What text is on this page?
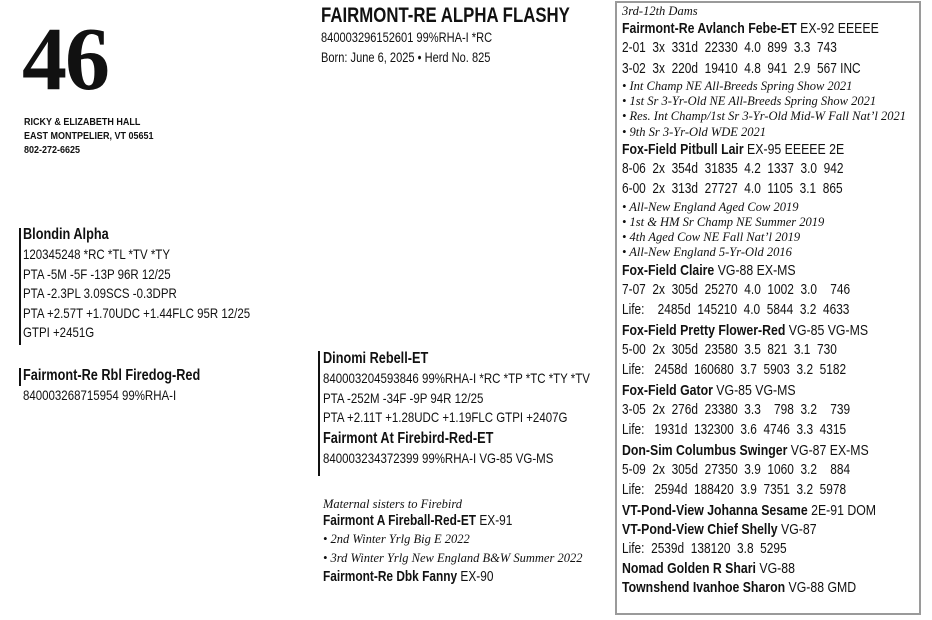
46
RICKY & ELIZABETH HALL
EAST MONTPELIER, VT 05651
802-272-6625
FAIRMONT-RE ALPHA FLASHY
840003296152601 99%RHA-I *RC
Born: June 6, 2025 • Herd No. 825
Blondin Alpha
120345248 *RC *TL *TV *TY
PTA -5M -5F -13P 96R 12/25
PTA -2.3PL 3.09SCS -0.3DPR
PTA +2.57T +1.70UDC +1.44FLC 95R 12/25
GTPI +2451G
Fairmont-Re Rbl Firedog-Red
840003268715954 99%RHA-I
Dinomi Rebell-ET
840003204593846 99%RHA-I *RC *TP *TC *TY *TV
PTA -252M -34F -9P 94R 12/25
PTA +2.11T +1.28UDC +1.19FLC GTPI +2407G
Fairmont At Firebird-Red-ET
840003234372399 99%RHA-I VG-85 VG-MS
Maternal sisters to Firebird
Fairmont A Fireball-Red-ET EX-91
• 2nd Winter Yrlg Big E 2022
• 3rd Winter Yrlg New England B&W Summer 2022
Fairmont-Re Dbk Fanny EX-90
3rd-12th Dams
Fairmont-Re Avlanch Febe-ET EX-92 EEEEE
2-01  3x  331d  22330  4.0  899  3.3  743
3-02  3x  220d  19410  4.8  941  2.9  567 INC
• Int Champ NE All-Breeds Spring Show 2021
• 1st Sr 3-Yr-Old NE All-Breeds Spring Show 2021
• Res. Int Champ/1st Sr 3-Yr-Old Mid-W Fall Nat’l 2021
• 9th Sr 3-Yr-Old WDE 2021
Fox-Field Pitbull Lair EX-95 EEEEE 2E
8-06  2x  354d  31835  4.2  1337  3.0  942
6-00  2x  313d  27727  4.0  1105  3.1  865
• All-New England Aged Cow 2019
• 1st & HM Sr Champ NE Summer 2019
• 4th Aged Cow NE Fall Nat’l 2019
• All-New England 5-Yr-Old 2016
Fox-Field Claire VG-88 EX-MS
7-07  2x  305d  25270  4.0  1002  3.0    746
Life:    2485d  145210  4.0  5844  3.2  4633
Fox-Field Pretty Flower-Red VG-85 VG-MS
5-00  2x  305d  23580  3.5  821  3.1  730
Life:   2458d  160680  3.7  5903  3.2  5182
Fox-Field Gator VG-85 VG-MS
3-05  2x  276d  23380  3.3    798  3.2    739
Life:   1931d  132300  3.6  4746  3.3  4315
Don-Sim Columbus Swinger VG-87 EX-MS
5-09  2x  305d  27350  3.9  1060  3.2    884
Life:   2594d  188420  3.9  7351  3.2  5978
VT-Pond-View Johanna Sesame 2E-91 DOM
VT-Pond-View Chief Shelly VG-87
Life:  2539d  138120  3.8  5295
Nomad Golden R Shari VG-88
Townshend Ivanhoe Sharon VG-88 GMD
